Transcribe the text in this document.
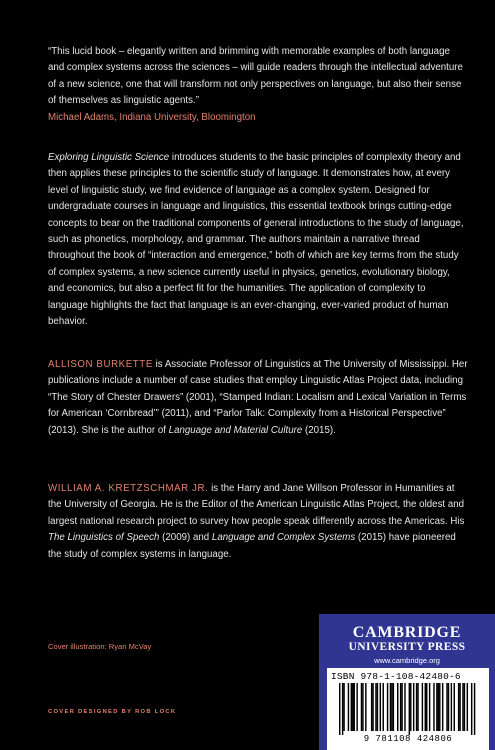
“This lucid book – elegantly written and brimming with memorable examples of both language and complex systems across the sciences – will guide readers through the intellectual adventure of a new science, one that will transform not only perspectives on language, but also their sense of themselves as linguistic agents.”
Michael Adams, Indiana University, Bloomington
Exploring Linguistic Science introduces students to the basic principles of complexity theory and then applies these principles to the scientific study of language. It demonstrates how, at every level of linguistic study, we find evidence of language as a complex system. Designed for undergraduate courses in language and linguistics, this essential textbook brings cutting-edge concepts to bear on the traditional components of general introductions to the study of language, such as phonetics, morphology, and grammar. The authors maintain a narrative thread throughout the book of “interaction and emergence,” both of which are key terms from the study of complex systems, a new science currently useful in physics, genetics, evolutionary biology, and economics, but also a perfect fit for the humanities. The application of complexity to language highlights the fact that language is an ever-changing, ever-varied product of human behavior.
ALLISON BURKETTE is Associate Professor of Linguistics at The University of Mississippi. Her publications include a number of case studies that employ Linguistic Atlas Project data, including “The Story of Chester Drawers” (2001), “Stamped Indian: Localism and Lexical Variation in Terms for American ‘Cornbread’” (2011), and “Parlor Talk: Complexity from a Historical Perspective” (2013). She is the author of Language and Material Culture (2015).
WILLIAM A. KRETZSCHMAR JR. is the Harry and Jane Willson Professor in Humanities at the University of Georgia. He is the Editor of the American Linguistic Atlas Project, the oldest and largest national research project to survey how people speak differently across the Americas. His The Linguistics of Speech (2009) and Language and Complex Systems (2015) have pioneered the study of complex systems in language.
Cover illustration: Ryan McVay
COVER DESIGNED BY ROB LOCK
CAMBRIDGE
UNIVERSITY PRESS
www.cambridge.org
ISBN 978-1-108-42480-6
9 781108 424806
